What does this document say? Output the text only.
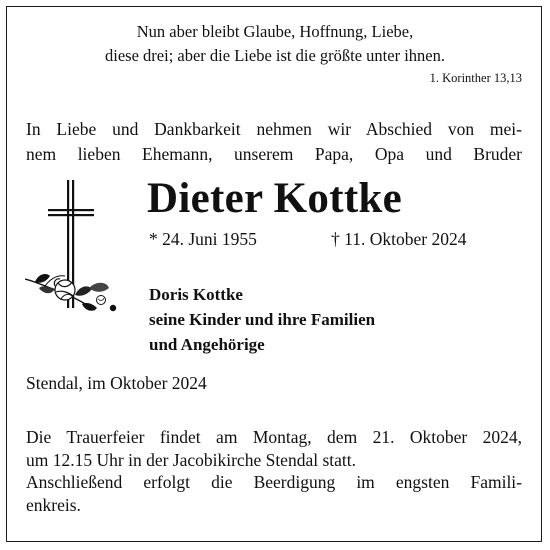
Nun aber bleibt Glaube, Hoffnung, Liebe,
diese drei; aber die Liebe ist die größte unter ihnen.
1. Korinther 13,13
In Liebe und Dankbarkeit nehmen wir Abschied von mei-
nem lieben Ehemann, unserem Papa, Opa und Bruder
Dieter Kottke
* 24. Juni 1955	† 11. Oktober 2024
Doris Kottke
seine Kinder und ihre Familien
und Angehörige
Stendal, im Oktober 2024
Die Trauerfeier findet am Montag, dem 21. Oktober 2024,
um 12.15 Uhr in der Jacobikirche Stendal statt.
Anschließend erfolgt die Beerdigung im engsten Famili-
enkreis.
